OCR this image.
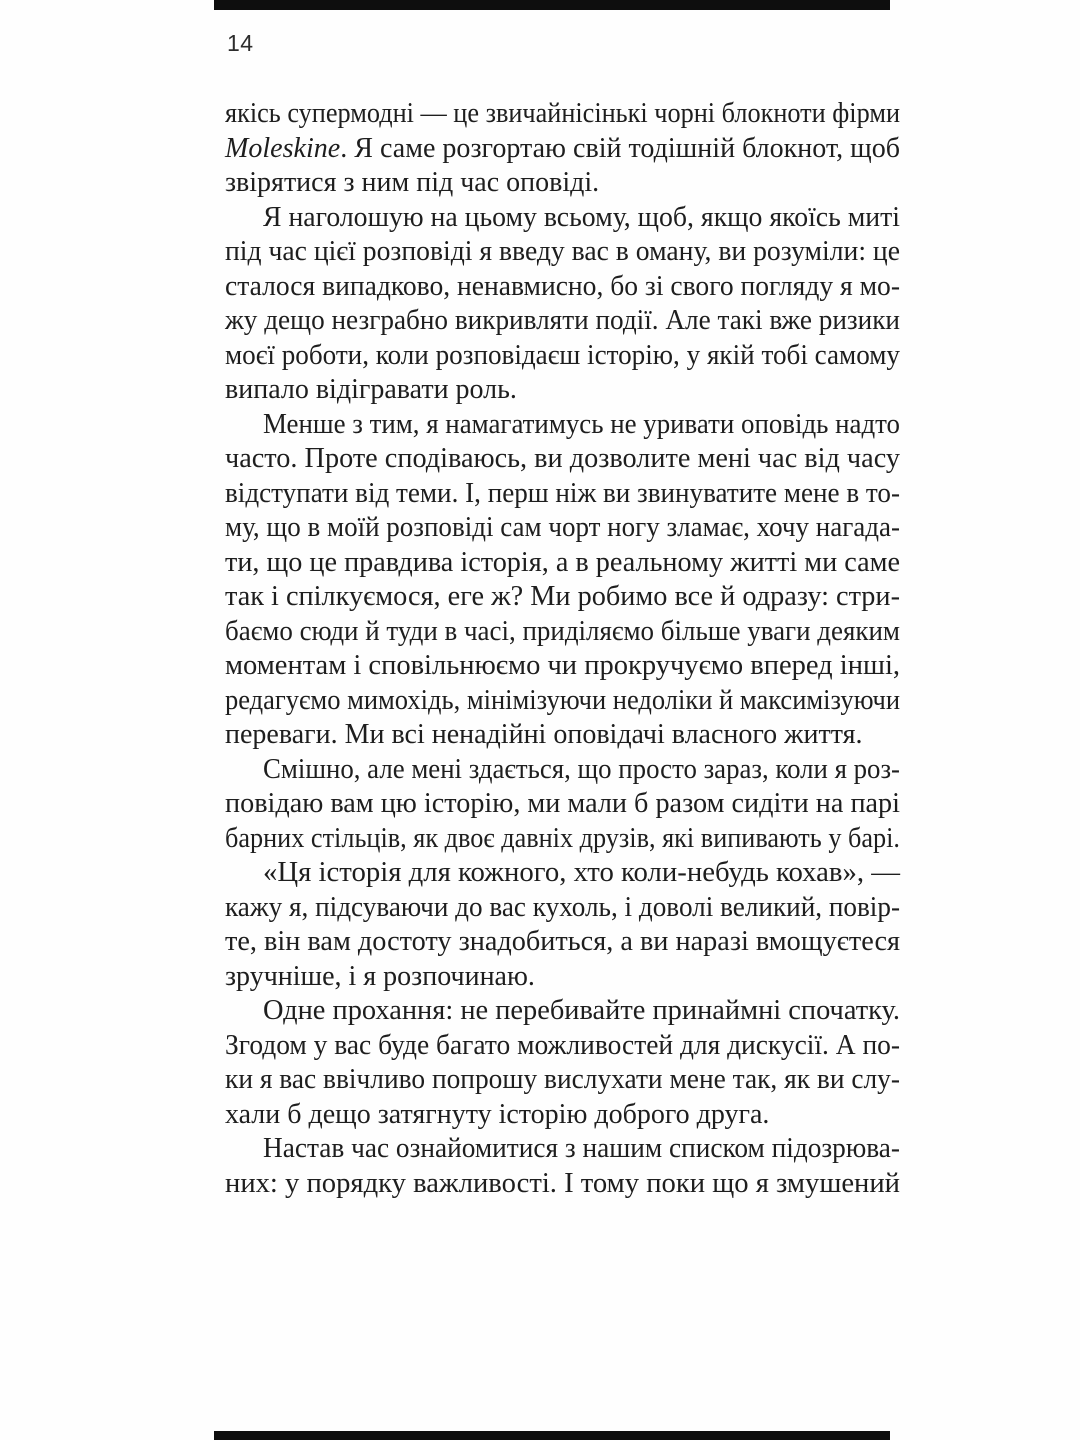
14
якісь супермодні — це звичайнісінькі чорні блокноти фірми
Moleskine. Я саме розгортаю свій тодішній блокнот, щоб
звірятися з ним під час оповіді.
Я наголошую на цьому всьому, щоб, якщо якоїсь миті
під час цієї розповіді я введу вас в оману, ви розуміли: це
сталося випадково, ненавмисно, бо зі свого погляду я мо-
жу дещо незграбно викривляти події. Але такі вже ризики
моєї роботи, коли розповідаєш історію, у якій тобі самому
випало відігравати роль.
Менше з тим, я намагатимусь не уривати оповідь надто
часто. Проте сподіваюсь, ви дозволите мені час від часу
відступати від теми. І, перш ніж ви звинуватите мене в то-
му, що в моїй розповіді сам чорт ногу зламає, хочу нагада-
ти, що це правдива історія, а в реальному житті ми саме
так і спілкуємося, еге ж? Ми робимо все й одразу: стри-
баємо сюди й туди в часі, приділяємо більше уваги деяким
моментам і сповільнюємо чи прокручуємо вперед інші,
редагуємо мимохідь, мінімізуючи недоліки й максимізуючи
переваги. Ми всі ненадійні оповідачі власного життя.
Смішно, але мені здається, що просто зараз, коли я роз-
повідаю вам цю історію, ми мали б разом сидіти на парі
барних стільців, як двоє давніх друзів, які випивають у барі.
«Ця історія для кожного, хто коли-небудь кохав», —
кажу я, підсуваючи до вас кухоль, і доволі великий, повір-
те, він вам достоту знадобиться, а ви наразі вмощуєтеся
зручніше, і я розпочинаю.
Одне прохання: не перебивайте принаймні спочатку.
Згодом у вас буде багато можливостей для дискусії. А по-
ки я вас ввічливо попрошу вислухати мене так, як ви слу-
хали б дещо затягнуту історію доброго друга.
Настав час ознайомитися з нашим списком підозрюва-
них: у порядку важливості. І тому поки що я змушений
